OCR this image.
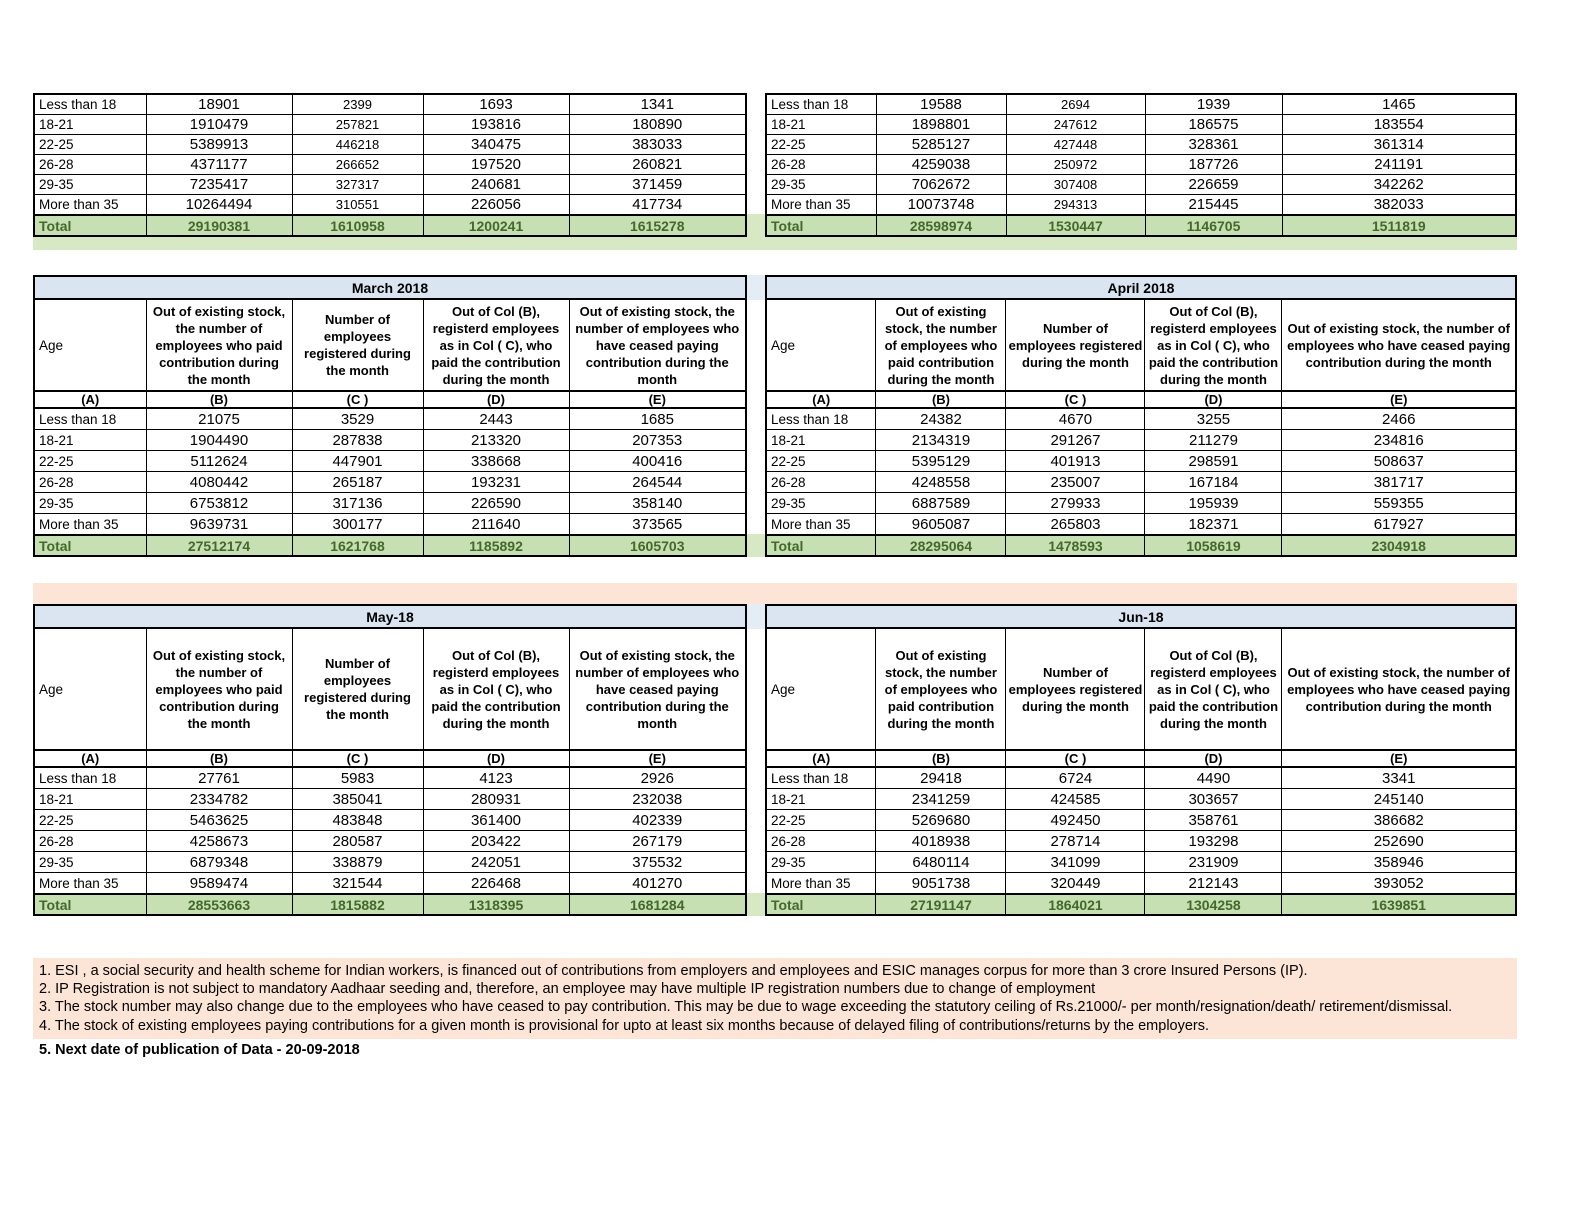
Less than 18	18901	2399	1693	1341
18-21	1910479	257821	193816	180890
22-25	5389913	446218	340475	383033
26-28	4371177	266652	197520	260821
29-35	7235417	327317	240681	371459
More than 35	10264494	310551	226056	417734
Total	29190381	1610958	1200241	1615278
Less than 18	19588	2694	1939	1465
18-21	1898801	247612	186575	183554
22-25	5285127	427448	328361	361314
26-28	4259038	250972	187726	241191
29-35	7062672	307408	226659	342262
More than 35	10073748	294313	215445	382033
Total	28598974	1530447	1146705	1511819
March 2018				

Age	Out of existing stock, the number of employees who paid contribution during the month	Number of employees registered during the month	Out of Col (B), registerd employees as in Col ( C), who paid the contribution during the month	Out of existing stock, the number of employees who have ceased paying contribution during the month

(A)	(B)	(C )	(D)	(E)
Less than 18	21075	3529	2443	1685
18-21	1904490	287838	213320	207353
22-25	5112624	447901	338668	400416
26-28	4080442	265187	193231	264544
29-35	6753812	317136	226590	358140
More than 35	9639731	300177	211640	373565
Total	27512174	1621768	1185892	1605703
April 2018				

Age	Out of existing stock, the number of employees who paid contribution during the month	Number of employees registered during the month	Out of Col (B), registerd employees as in Col ( C), who paid the contribution during the month	Out of existing stock, the number of employees who have ceased paying contribution during the month

(A)	(B)	(C )	(D)	(E)
Less than 18	24382	4670	3255	2466
18-21	2134319	291267	211279	234816
22-25	5395129	401913	298591	508637
26-28	4248558	235007	167184	381717
29-35	6887589	279933	195939	559355
More than 35	9605087	265803	182371	617927
Total	28295064	1478593	1058619	2304918
May-18				

Age	Out of existing stock, the number of employees who paid contribution during the month	Number of employees registered during the month	Out of Col (B), registerd employees as in Col ( C), who paid the contribution during the month	Out of existing stock, the number of employees who have ceased paying contribution during the month

(A)	(B)	(C )	(D)	(E)
Less than 18	27761	5983	4123	2926
18-21	2334782	385041	280931	232038
22-25	5463625	483848	361400	402339
26-28	4258673	280587	203422	267179
29-35	6879348	338879	242051	375532
More than 35	9589474	321544	226468	401270
Total	28553663	1815882	1318395	1681284
Jun-18				

Age	Out of existing stock, the number of employees who paid contribution during the month	Number of employees registered during the month	Out of Col (B), registerd employees as in Col ( C), who paid the contribution during the month	Out of existing stock, the number of employees who have ceased paying contribution during the month

(A)	(B)	(C )	(D)	(E)
Less than 18	29418	6724	4490	3341
18-21	2341259	424585	303657	245140
22-25	5269680	492450	358761	386682
26-28	4018938	278714	193298	252690
29-35	6480114	341099	231909	358946
More than 35	9051738	320449	212143	393052
Total	27191147	1864021	1304258	1639851
1. ESI , a social security and health scheme for Indian workers, is financed out of contributions from employers and employees and ESIC manages corpus for more than 3 crore Insured Persons (IP).
2. IP Registration is not subject to mandatory Aadhaar seeding and, therefore, an employee may have multiple IP registration numbers due to change of employment
3. The stock number may also change due to the employees who have ceased to pay contribution. This may be due to wage exceeding the statutory ceiling of Rs.21000/- per month/resignation/death/ retirement/dismissal.
4. The stock of existing employees paying contributions for a given month is provisional for upto at least six months because of delayed filing of contributions/returns by the employers.
5. Next date of publication of Data - 20-09-2018
